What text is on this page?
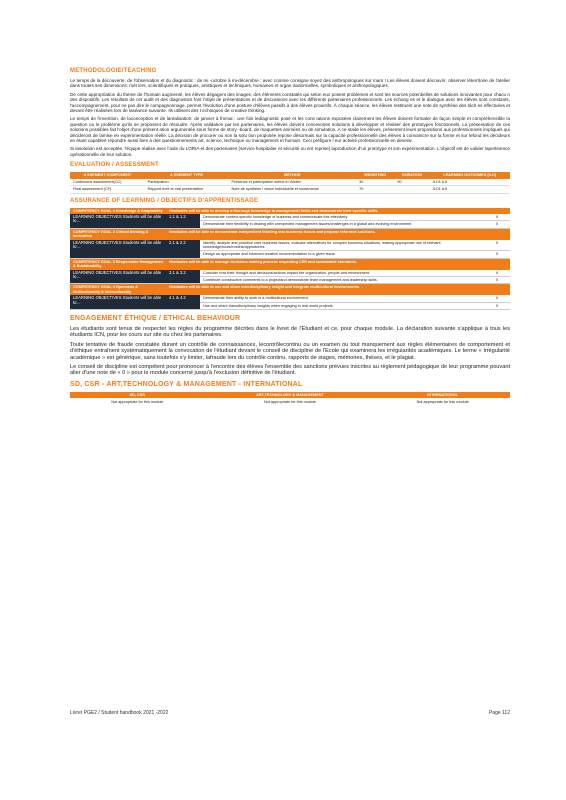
METHODOLOGIE/TEACHING

Le temps de la découverte, de l'observation et du diagnostic : de mi -octobre à mi-décembre : avec comme consigne soyez des anthropologues sur mars ! Les élèves doivent découvrir, observer léterritoire de l'atelier dans toutes ses dimensions: mét iers, scientifiques et pratiques, artistiques et techniques, humaines et organ isationnelles, symboliques et anthropologiques.

De cette appropriation du thème de l'humain augmenté, les élèves dégagent des images, des éléments constatés qui selon eux posent problèmes et sont les sources potentielles de solutions innovantes pour chacu n des dispositifs. Les résultats de cet audit et des diagnostics font l'objet de présentations et de discussions avec les différents partenaires professionnels. Les échang es et le dialogue avec les élèves sont constants, l'accompagnement, pour ne pas dire le compagnonnage, permet l'évolution d'une posture d'élèves passifs à des élèves proactifs. À chaque séance, les élèves restituent une note de synthèse des tâch es effectuées et devant être réalisées lors de laséance suivante. Ils utilisent des t echniques de creative thinking.

Le temps de l'invention, de laconception et de laréalisation: de janvier à fmmai : une fois lediagnostic posé et les cons tations exposées clairement les élèves doivent formaler de façon simple et compréhensible la question ou le problème qu'ils se proposent de résoudre. Après validation par les partenaires, les élèves doivent concevoires solutions à développer et réaliser des prototypes fonctionnels. La présentation de ces solutions possibles fait l'objet d'une présent ation argumentée sous forme de story -board, de maquettes animées ou de simulation. A ce stade les élèves, présentent leurs propositions aux professionnels impliqués qui décideront de lamise en expérimentation réelle. La décision de procurer ou non la solu tion proposée repose désormais sur la capacité professionnelle des élèves à convaincre sur la forme et sur lefond les décideurs en étant capableè répondre aussi bien à des questionnements art, science, technique ou management et humain. Ceci préfigure l eur activité professionnelle en devenir.

Si lasolution est acceptée, l'équipe réalise avec l'aide du LORIA et des partenaires (service hospitalier et sécurité ou ent reprise) laproduction d'un prototype et son expérimentation. L'objectif est de valider lapertinence opérationnelle de leur solution.

EVALUATION / ASSESSMENT
A SSEMENT COMPONENT	A SSEMENT TYPE	METHOD	WEIGHTING	DURATION	LEARNING OUTCOMES (ILO)
Continuous assessment(CC)	Participation	Présence et participation active à l'Atelier	30	90	ILO1 à 6
Final assessment (CF)	Rapport écrit et oral presentation	Note de synthèse / vision individuelle et soutenance	70		ILO1 à 6
ASSURANCE OF LEARNING / OBJECTIFS D'APPRENTISSAGE
COMPETENCY GOAL 1 Knowledge & Adaptability	Graduates will be able to develop a thorough knowledge in management fields and demonstrate their specific skills.		
LEARNING OBJECTIVES Students will be able to…	1.1 & 1.2	Demonstrate context-specific knowledge of business and communicate this effectively.	X
		Demonstrate their flexibility in dealing with unexpected management issues/challenges in a global and evolving environment	X
COMPETENCY GOAL 2 Critical thinking & Innovation	Graduates will be able to demonstrate independent thinking into business issues and propose informed solutions.		
LEARNING OBJECTIVES Students will be able to…	2.1 & 2.2	Identify, analyze and prioritize core business issues, evaluate alternatives for complex business situations, making appropriate use of relevant knowledge/tools/models/approaches.	X
		Design an appropriate and informed creative recommendation to a given issue.	X
COMPETENCY GOAL 3 Responsible Management & Sustainability	Graduates will be able to manage decisions making process respecting CSR and sustainable standards.		
LEARNING OBJECTIVES Students will be able to…	3.1 & 3.2	Consider how their thought and decisions/actions impact the organization, people and environment.	X
		Contribute constructive comments to a projectand demonstrate team management and leadership skills.	X
COMPETENCY GOAL 4 Openness & Multiculturality & Interculturality	Graduates will be able to use and share interdisciplinary insight and integrate multicultural environments.		
LEARNING OBJECTIVES Students will be able to…	4.1 & 4.2	Demonstrate their ability to work in a multicultural environment.	X
		Use and share transdisciplinary insights when engaging in real world projects.	X
ENGAGEMENT ÉTHIQUE / ETHICAL BEHAVIOUR

Les étudiants sont tenus de respecter les règles du programme décrites dans le livret de l'Etudiant et ce, pour chaque module. La déclaration suivante s'applique à tous les étudiants ICN, pour les cours sur site ou chez les partenaires.

Toute tentative de fraude constatée durant un contrôle de connaissances, lecontrôlecontinu ou un examen ou tout manquement aux règles élémentaires de comportement et d'éthique entraînent systématiquement la convocation de l'étudiant devant le conseil de discipline de l'Ecole qui examinera les irrégularités académiques. Le terme « irrégularité académique » est générique, sans toutefois s'y limiter, lafraude lors du contrôle continu, rapports de stages, mémoires, thèses, et le plagiat.

Le conseil de discipline est compétent pour prononcer à l'encontre des élèves l'ensemble des sanctions prévues inscrites au règlement pédagogique de leur programme pouvant aller d'une note de « 0 » pour le module concerné jusqu'à l'exclusion définitive de l'étudiant.

SD, CSR - ART,TECHNOLOGY & MANAGEMENT - INTERNATIONAL
SD, CSR	ART,TECHNOLOGY & MANAGEMENT	INTERNATIONAL
Not appropriate for this module	Not appropriate for this module	Not appropriate for this module
Livret PGE2 / Student handbook 2021 -2022	Page 112
